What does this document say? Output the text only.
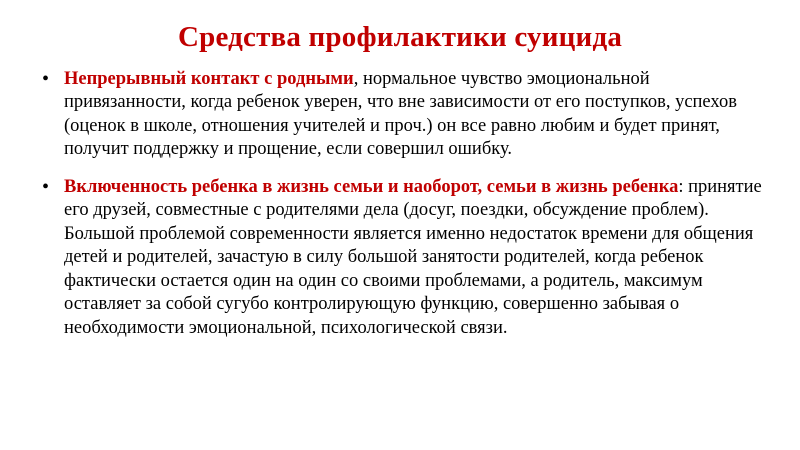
Средства профилактики суицида
• Непрерывный контакт с родными, нормальное чувство эмоциональной привязанности, когда ребенок уверен, что вне зависимости от его поступков, успехов (оценок в школе, отношения учителей и проч.) он все равно любим и будет принят, получит поддержку и прощение, если совершил ошибку.
• Включенность ребенка в жизнь семьи и наоборот, семьи в жизнь ребенка: принятие его друзей, совместные с родителями дела (досуг, поездки, обсуждение проблем). Большой проблемой современности является именно недостаток времени для общения детей и родителей, зачастую в силу большой занятости родителей, когда ребенок фактически остается один на один со своими проблемами, а родитель, максимум оставляет за собой сугубо контролирующую функцию, совершенно забывая о необходимости эмоциональной, психологической связи.
